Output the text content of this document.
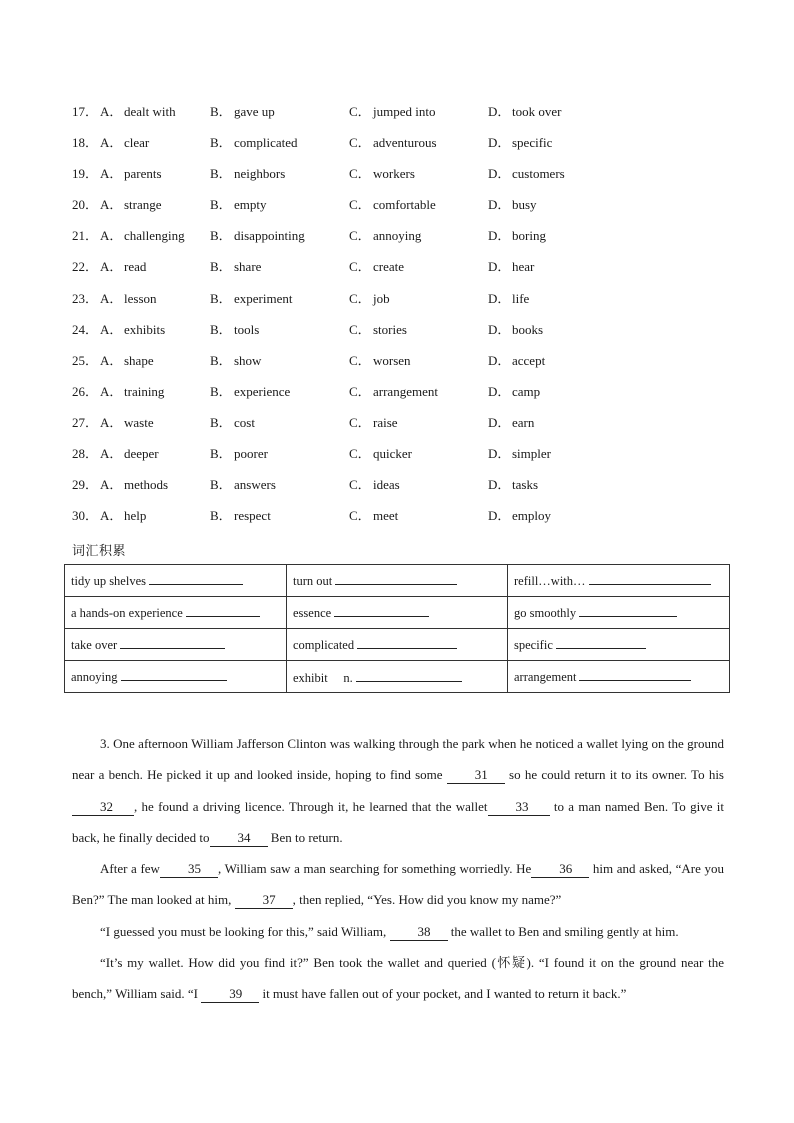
17． A． dealt with	B． gave up	C． jumped into	D． took over
18． A． clear	B． complicated	C． adventurous	D． specific
19． A． parents	B． neighbors	C． workers	D． customers
20． A． strange	B． empty	C． comfortable	D． busy
21． A． challenging B． disappointing	C． annoying	D． boring
22． A． read	B． share	C． create	D． hear
23． A． lesson	B． experiment	C． job	D． life
24． A． exhibits	B． tools	C． stories	D． books
25． A． shape	B． show	C． worsen	D． accept
26． A． training	B． experience	C． arrangement	D． camp
27． A． waste	B． cost	C． raise	D． earn
28． A． deeper	B． poorer	C． quicker	D． simpler
29． A． methods	B． answers	C． ideas	D． tasks
30． A． help	B． respect	C． meet	D． employ
词汇积累
tidy up shelves	turn out	refill…with…
a hands-on experience	essence	go smoothly
take over	complicated	specific
annoying	exhibit　 n.	arrangement

3. One afternoon William Jafferson Clinton was walking through the park when he noticed a wallet lying on the ground near a bench. He picked it up and looked inside, hoping to find some 31 so he could return it to its owner. To his32 , he found a driving licence. Through it, he learned that the wallet 33 to a man named Ben. To give it back, he finally decided to 34 Ben to return.

After a few 35 , William saw a man searching for something worriedly. He 36 him and asked, “Are you Ben?” The man looked at him, 37 , then replied, “Yes. How did you know my name?”

“I guessed you must be looking for this,” said William, 38 the wallet to Ben and smiling gently at him.

“It’s my wallet. How did you find it?” Ben took the wallet and queried (怀疑). “I found it on the ground near the bench,” William said. “I 39 it must have fallen out of your pocket, and I wanted to return it back.”
